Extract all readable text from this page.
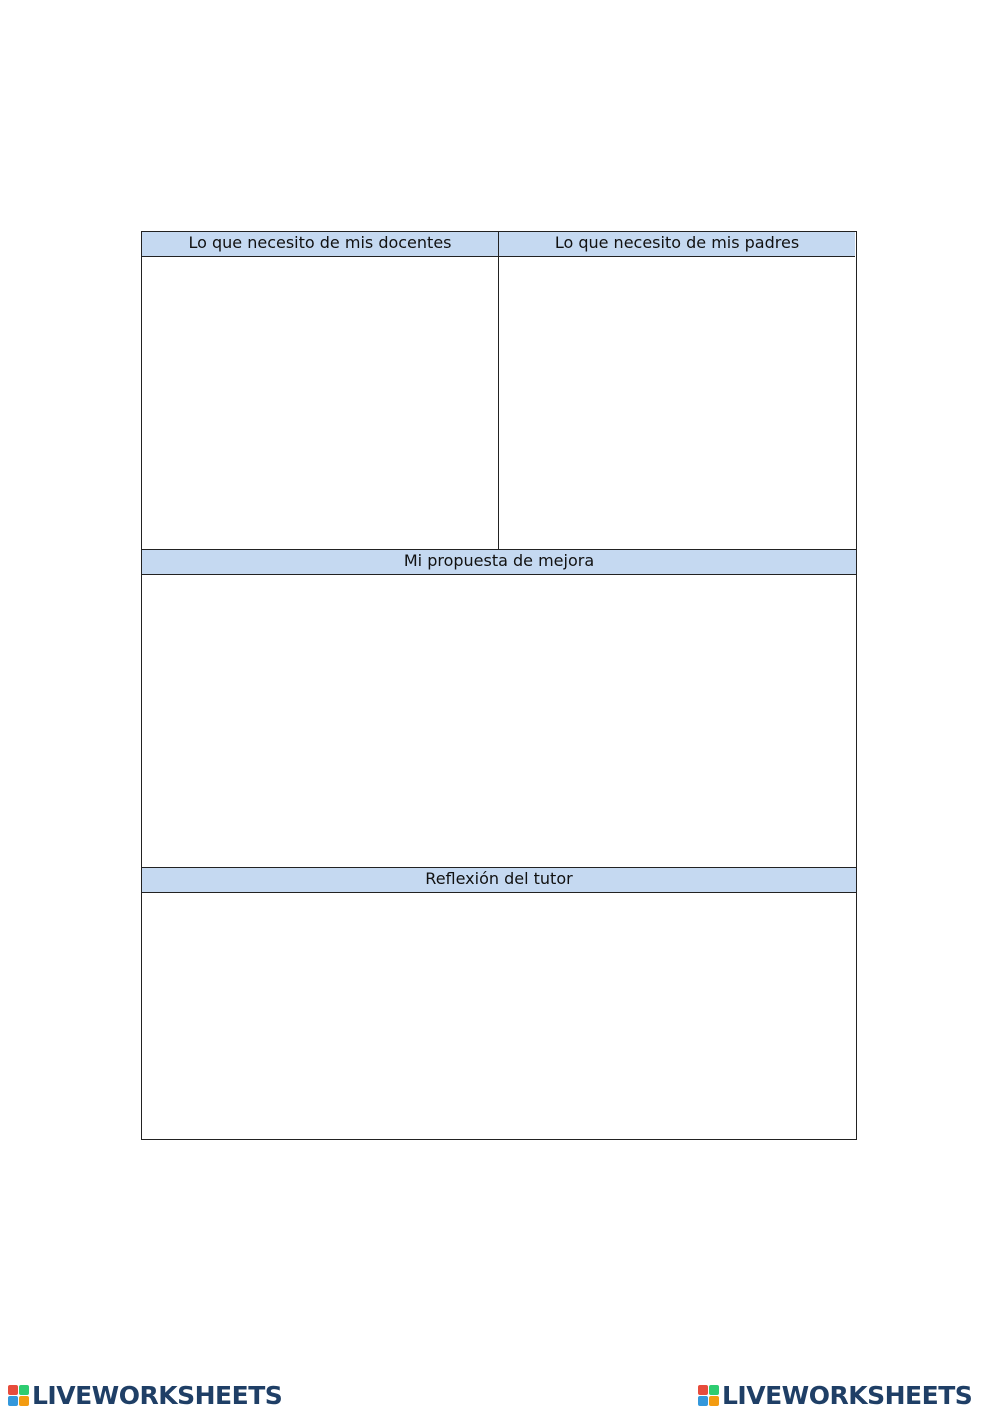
Lo que necesito de mis docentes	Lo que necesito de mis padres
Mi propuesta de mejora
Reflexión del tutor
LIVEWORKSHEETS	LIVEWORKSHEETS
